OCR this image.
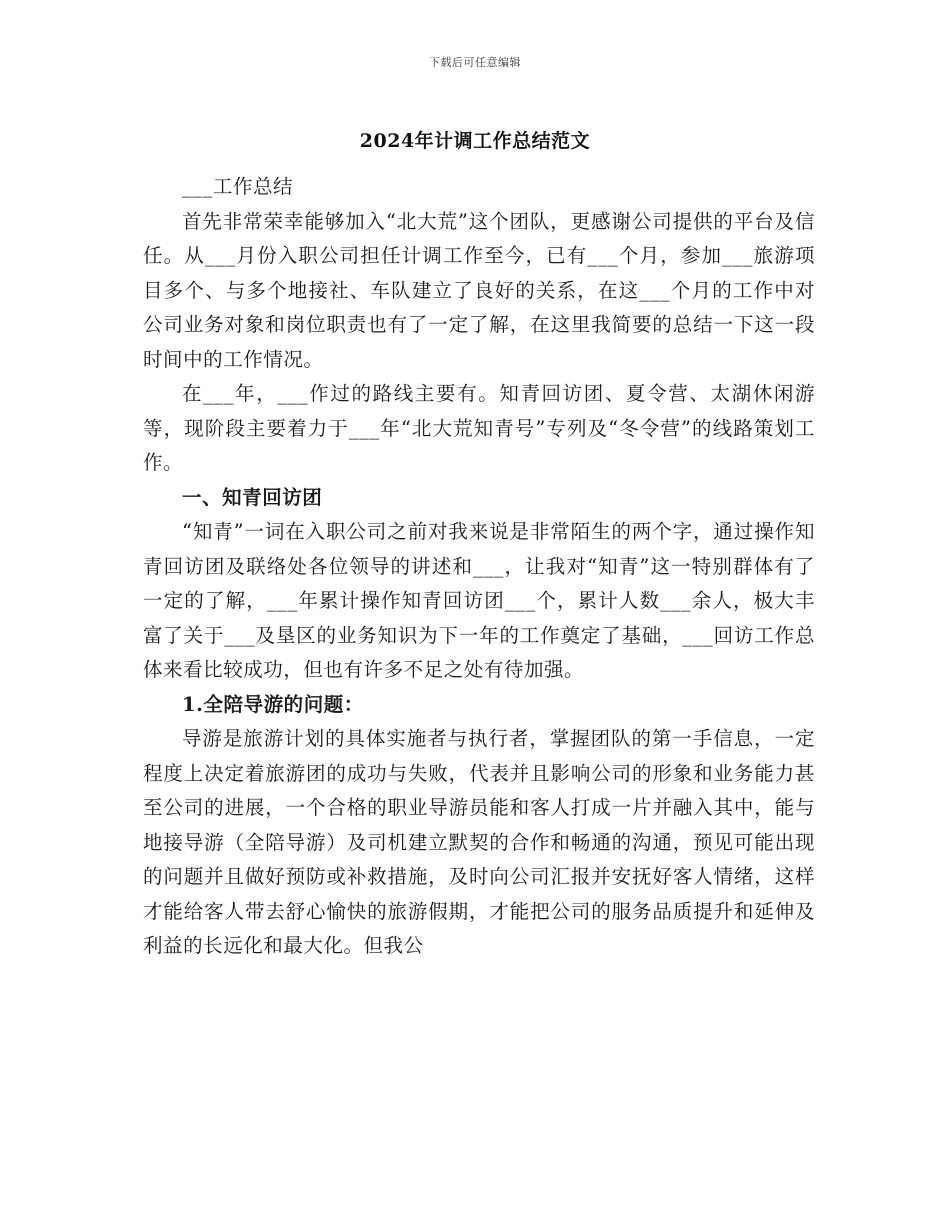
下载后可任意编辑
2024年计调工作总结范文

___工作总结

首先非常荣幸能够加入“北大荒”这个团队，更感谢公司提供的平台及信任。从___月份入职公司担任计调工作至今，已有___个月，参加___旅游项目多个、与多个地接社、车队建立了良好的关系，在这___个月的工作中对公司业务对象和岗位职责也有了一定了解，在这里我简要的总结一下这一段时间中的工作情况。

在___年，___作过的路线主要有。知青回访团、夏令营、太湖休闲游等，现阶段主要着力于___年“北大荒知青号”专列及“冬令营”的线路策划工作。

一、知青回访团

“知青”一词在入职公司之前对我来说是非常陌生的两个字，通过操作知青回访团及联络处各位领导的讲述和___，让我对“知青”这一特别群体有了一定的了解，___年累计操作知青回访团___个，累计人数___余人，极大丰富了关于___及垦区的业务知识为下一年的工作奠定了基础，___回访工作总体来看比较成功，但也有许多不足之处有待加强。

1.全陪导游的问题：

导游是旅游计划的具体实施者与执行者，掌握团队的第一手信息，一定程度上决定着旅游团的成功与失败，代表并且影响公司的形象和业务能力甚至公司的进展，一个合格的职业导游员能和客人打成一片并融入其中，能与地接导游（全陪导游）及司机建立默契的合作和畅通的沟通，预见可能出现的问题并且做好预防或补救措施，及时向公司汇报并安抚好客人情绪，这样才能给客人带去舒心愉快的旅游假期，才能把公司的服务品质提升和延伸及利益的长远化和最大化。但我公
